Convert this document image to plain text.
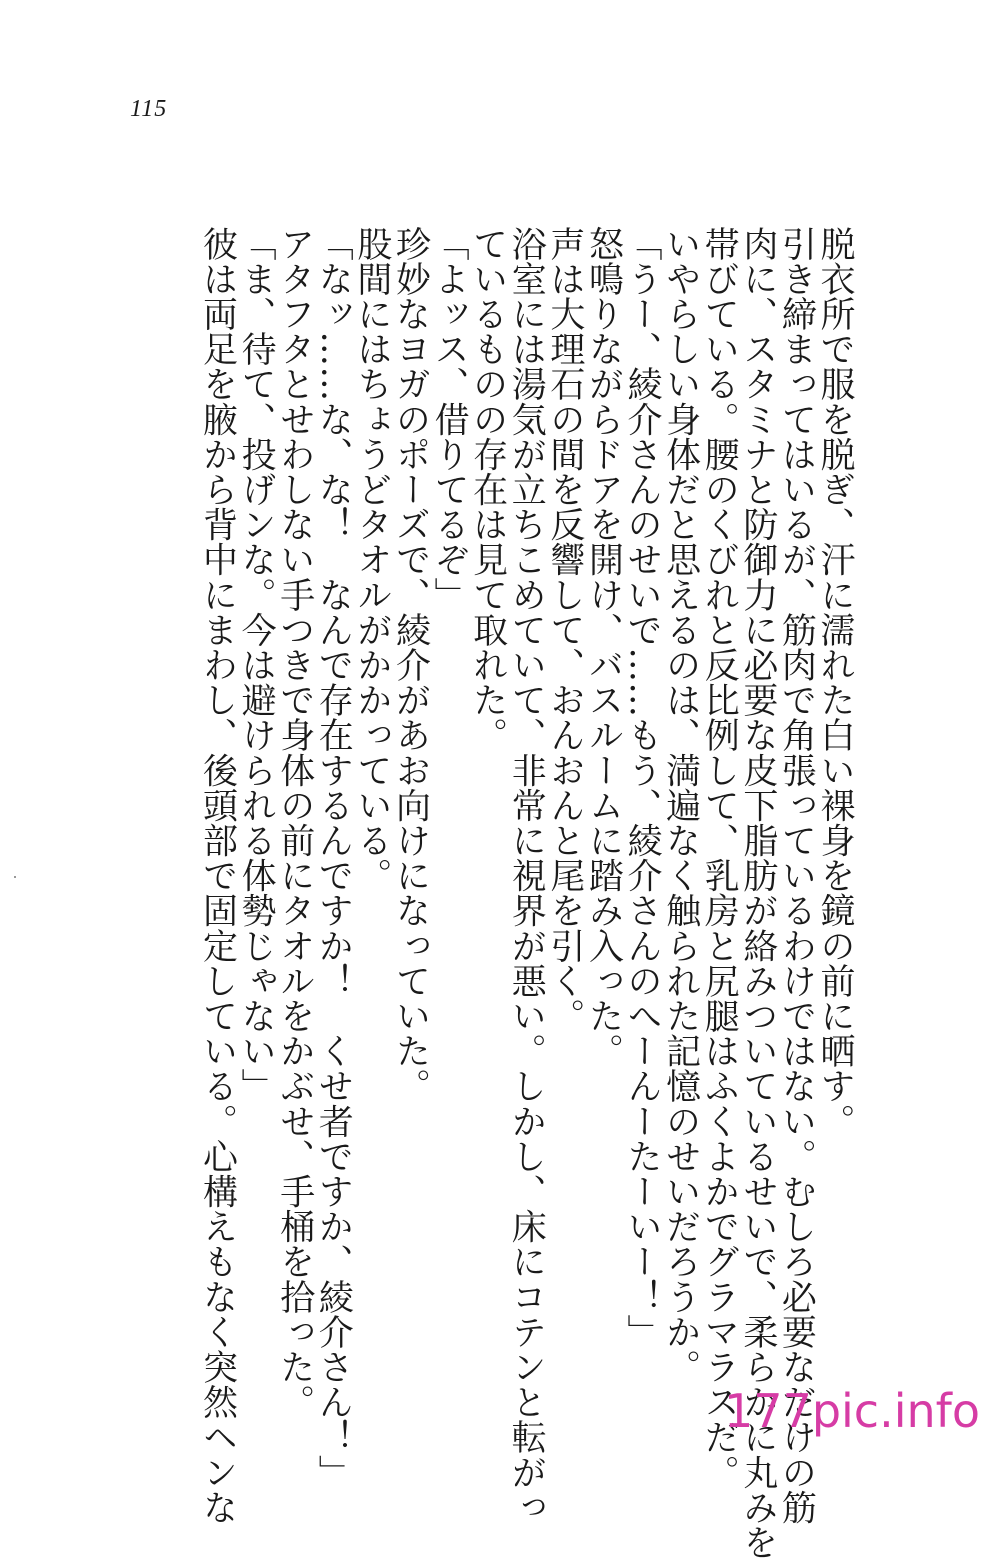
115
脱衣所で服を脱ぎ、汗に濡れた白い裸身を鏡の前に晒す。
引き締まってはいるが、筋肉で角張っているわけではない。むしろ必要なだけの筋
肉に、スタミナと防御力に必要な皮下脂肪が絡みついているせいで、柔らかに丸みを
帯びている。腰のくびれと反比例して、乳房と尻腿はふくよかでグラマラスだ。
いやらしい身体だと思えるのは、満遍なく触られた記憶のせいだろうか。
「うー、綾介さんのせいで……もう、綾介さんのへーんーたーいー！」
怒鳴りながらドアを開け、バスルームに踏み入った。
声は大理石の間を反響して、おんおんと尾を引く。
浴室には湯気が立ちこめていて、非常に視界が悪い。しかし、床にコテンと転がっ
ているものの存在は見て取れた。
「よッス、借りてるぞ」
珍妙なヨガのポーズで、綾介があお向けになっていた。
股間にはちょうどタオルがかかっている。
「なッ……な、な！　なんで存在するんですか！　くせ者ですか、綾介さん！」
アタフタとせわしない手つきで身体の前にタオルをかぶせ、手桶を拾った。
「ま、待て、投げンな。今は避けられる体勢じゃない」
彼は両足を腋から背中にまわし、後頭部で固定している。心構えもなく突然ヘンな	177pic.info
